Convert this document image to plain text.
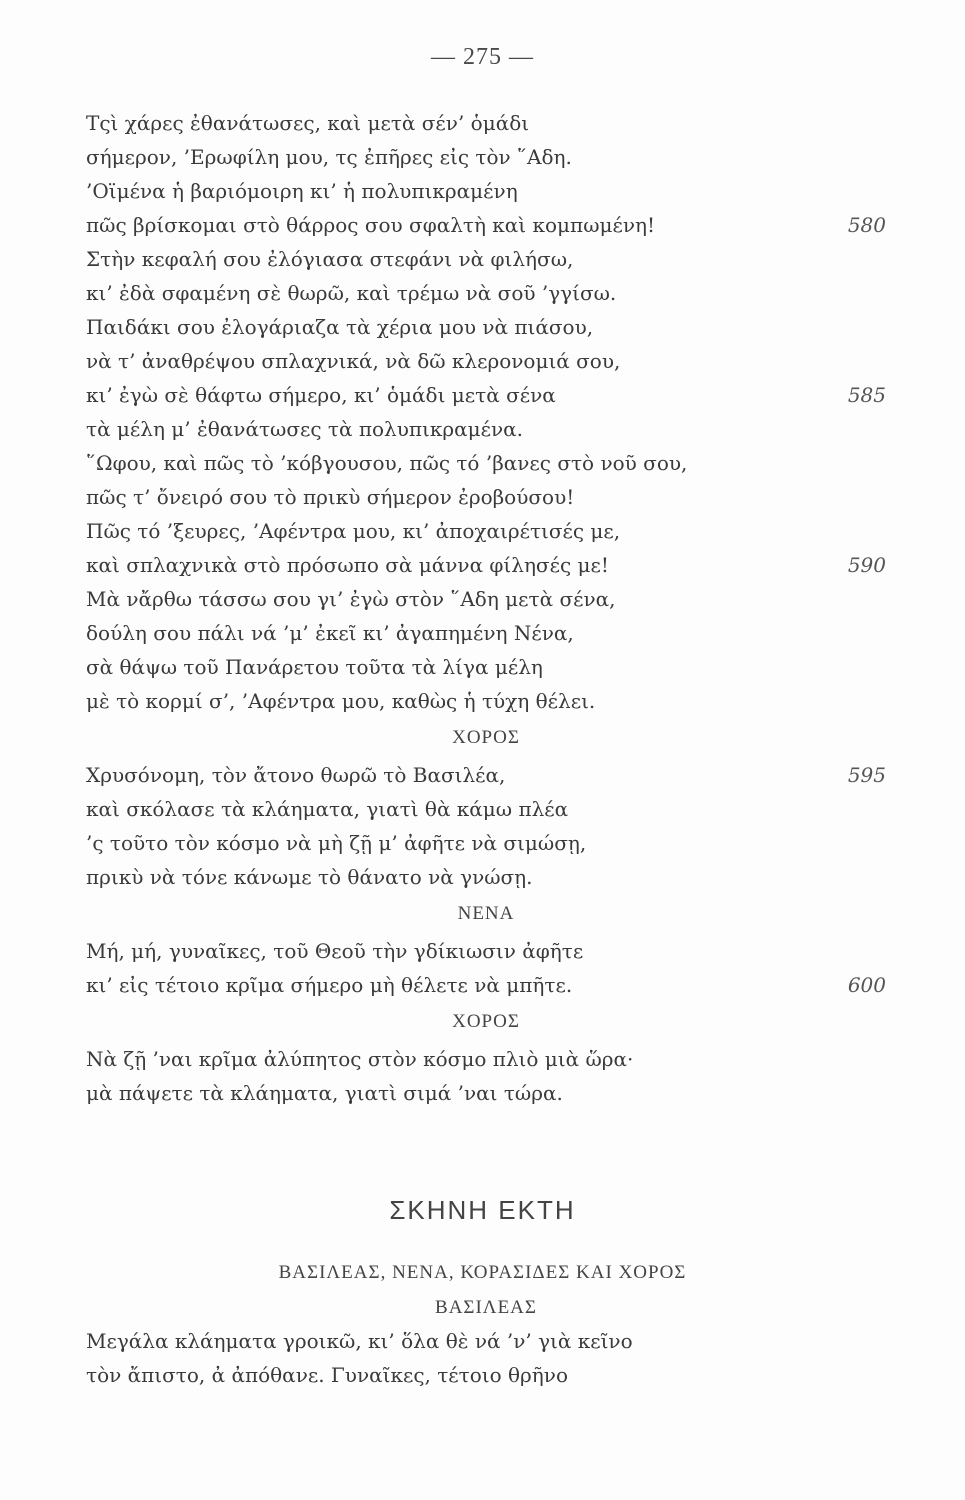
— 275 —
Τςὶ χάρες ἐθανάτωσες, καὶ μετὰ σέν’ ὁμάδι
σήμερον, ’Ερωφίλη μου, τς ἐπῆρες εἰς τὸν ῞Αδη.
’Οϊμένα ἡ βαριόμοιρη κι’ ἡ πολυπικραμένη
πῶς βρίσκομαι στὸ θάρρος σου σφαλτὴ καὶ κομπωμένη!	580
Στὴν κεφαλή σου ἐλόγιασα στεφάνι νὰ φιλήσω,
κι’ ἐδὰ σφαμένη σὲ θωρῶ, καὶ τρέμω νὰ σοῦ ’γγίσω.
Παιδάκι σου ἐλογάριαζα τὰ χέρια μου νὰ πιάσου,
νὰ τ’ ἀναθρέψου σπλαχνικά, νὰ δῶ κλερονομιά σου,
κι’ ἐγὼ σὲ θάφτω σήμερο, κι’ ὁμάδι μετὰ σένα	585
τὰ μέλη μ’ ἐθανάτωσες τὰ πολυπικραμένα.
῞Ωφου, καὶ πῶς τὸ ’κόβγουσου, πῶς τό ’βανες στὸ νοῦ σου,
πῶς τ’ ὄνειρό σου τὸ πρικὺ σήμερον ἐροβούσου!
Πῶς τό ’ξευρες, ’Αφέντρα μου, κι’ ἀποχαιρέτισές με,
καὶ σπλαχνικὰ στὸ πρόσωπο σὰ μάννα φίλησές με!	590
Μὰ νἄρθω τάσσω σου γι’ ἐγὼ στὸν ῞Αδη μετὰ σένα,
δούλη σου πάλι νά ’μ’ ἐκεῖ κι’ ἀγαπημένη Νένα,
σὰ θάψω τοῦ Πανάρετου τοῦτα τὰ λίγα μέλη
μὲ τὸ κορμί σ’, ’Αφέντρα μου, καθὼς ἡ τύχη θέλει.
ΧΟΡΟΣ
Χρυσόνομη, τὸν ἄτονο θωρῶ τὸ Βασιλέα,	595
καὶ σκόλασε τὰ κλάηματα, γιατὶ θὰ κάμω πλέα
’ς τοῦτο τὸν κόσμο νὰ μὴ ζῇ μ’ ἀφῆτε νὰ σιμώσῃ,
πρικὺ νὰ τόνε κάνωμε τὸ θάνατο νὰ γνώσῃ.
ΝΕΝΑ
Μή, μή, γυναῖκες, τοῦ Θεοῦ τὴν γδίκιωσιν ἀφῆτε
κι’ εἰς τέτοιο κρῖμα σήμερο μὴ θέλετε νὰ μπῆτε.	600
ΧΟΡΟΣ
Νὰ ζῇ ’ναι κρῖμα ἀλύπητος στὸν κόσμο πλιὸ μιὰ ὥρα·
μὰ πάψετε τὰ κλάηματα, γιατὶ σιμά ’ναι τώρα.
ΣΚΗΝΗ ΕΚΤΗ
ΒΑΣΙΛΕΑΣ, ΝΕΝΑ, ΚΟΡΑΣΙΔΕΣ ΚΑΙ ΧΟΡΟΣ
ΒΑΣΙΛΕΑΣ
Μεγάλα κλάηματα γροικῶ, κι’ ὅλα θὲ νά ’ν’ γιὰ κεῖνο
τὸν ἄπιστο, ἀ ἀπόθανε. Γυναῖκες, τέτοιο θρῆνο
